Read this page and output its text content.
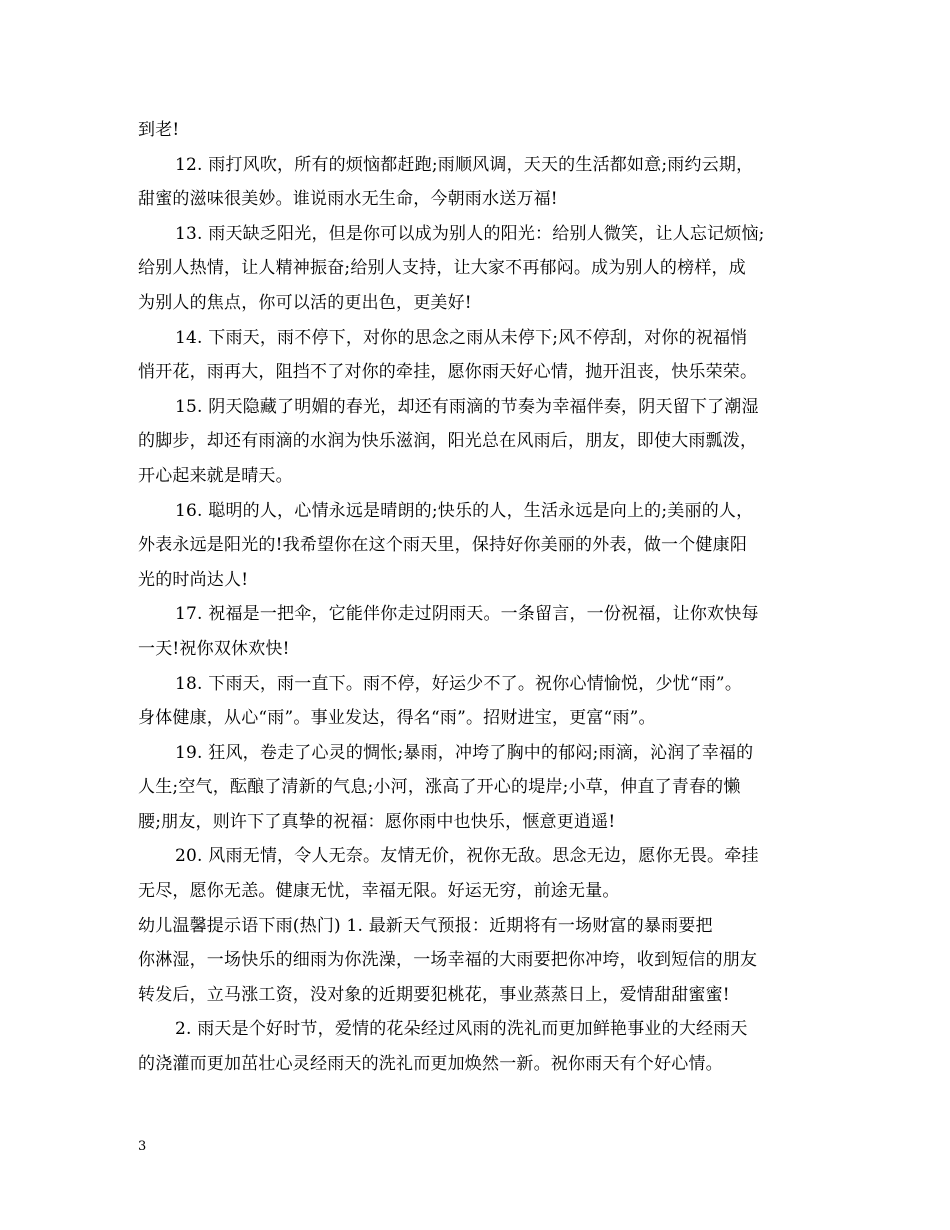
到老!
12. 雨打风吹，所有的烦恼都赶跑;雨顺风调，天天的生活都如意;雨约云期，
甜蜜的滋味很美妙。谁说雨水无生命，今朝雨水送万福!
13. 雨天缺乏阳光，但是你可以成为别人的阳光：给别人微笑，让人忘记烦恼;
给别人热情，让人精神振奋;给别人支持，让大家不再郁闷。成为别人的榜样，成
为别人的焦点，你可以活的更出色，更美好!
14. 下雨天，雨不停下，对你的思念之雨从未停下;风不停刮，对你的祝福悄
悄开花，雨再大，阻挡不了对你的牵挂，愿你雨天好心情，抛开沮丧，快乐荣荣。
15. 阴天隐藏了明媚的春光，却还有雨滴的节奏为幸福伴奏，阴天留下了潮湿
的脚步，却还有雨滴的水润为快乐滋润，阳光总在风雨后，朋友，即使大雨瓢泼，
开心起来就是晴天。
16. 聪明的人，心情永远是晴朗的;快乐的人，生活永远是向上的;美丽的人，
外表永远是阳光的!我希望你在这个雨天里，保持好你美丽的外表，做一个健康阳
光的时尚达人!
17. 祝福是一把伞，它能伴你走过阴雨天。一条留言，一份祝福，让你欢快每
一天!祝你双休欢快!
18. 下雨天，雨一直下。雨不停，好运少不了。祝你心情愉悦，少忧“雨”。
身体健康，从心“雨”。事业发达，得名“雨”。招财进宝，更富“雨”。
19. 狂风，卷走了心灵的惆怅;暴雨，冲垮了胸中的郁闷;雨滴，沁润了幸福的
人生;空气，酝酿了清新的气息;小河，涨高了开心的堤岸;小草，伸直了青春的懒
腰;朋友，则许下了真挚的祝福：愿你雨中也快乐，惬意更逍遥!
20. 风雨无情，令人无奈。友情无价，祝你无敌。思念无边，愿你无畏。牵挂
无尽，愿你无恙。健康无忧，幸福无限。好运无穷，前途无量。
幼儿温馨提示语下雨(热门) 1. 最新天气预报：近期将有一场财富的暴雨要把
你淋湿，一场快乐的细雨为你洗澡，一场幸福的大雨要把你冲垮，收到短信的朋友
转发后，立马涨工资，没对象的近期要犯桃花，事业蒸蒸日上，爱情甜甜蜜蜜!
2. 雨天是个好时节，爱情的花朵经过风雨的洗礼而更加鲜艳事业的大经雨天
的浇灌而更加茁壮心灵经雨天的洗礼而更加焕然一新。祝你雨天有个好心情。
3
